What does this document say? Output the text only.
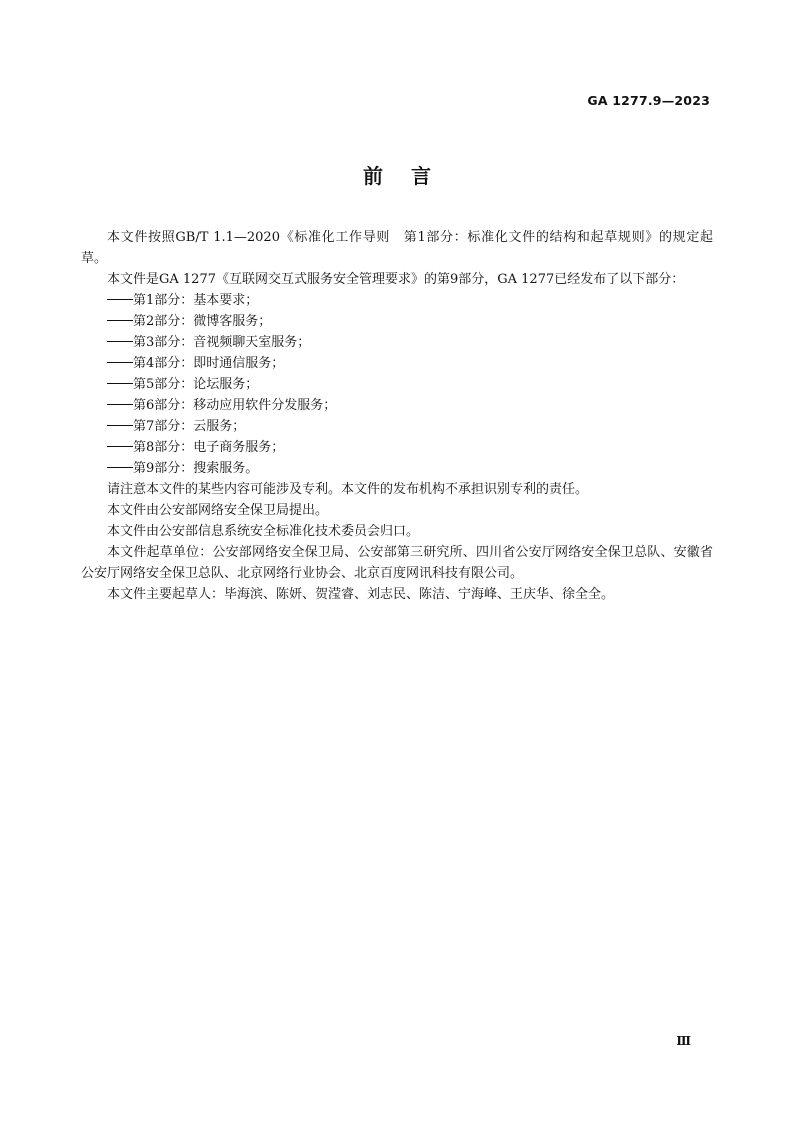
GA 1277.9—2023
前言

本文件按照GB/T 1.1—2020《标准化工作导则　第1部分：标准化文件的结构和起草规则》的规定起草。

本文件是GA 1277《互联网交互式服务安全管理要求》的第9部分，GA 1277已经发布了以下部分：

第1部分：基本要求；

第2部分：微博客服务；

第3部分：音视频聊天室服务；

第4部分：即时通信服务；

第5部分：论坛服务；

第6部分：移动应用软件分发服务；

第7部分：云服务；

第8部分：电子商务服务；

第9部分：搜索服务。

请注意本文件的某些内容可能涉及专利。本文件的发布机构不承担识别专利的责任。

本文件由公安部网络安全保卫局提出。

本文件由公安部信息系统安全标准化技术委员会归口。

本文件起草单位：公安部网络安全保卫局、公安部第三研究所、四川省公安厅网络安全保卫总队、安徽省公安厅网络安全保卫总队、北京网络行业协会、北京百度网讯科技有限公司。

本文件主要起草人：毕海滨、陈妍、贺滢睿、刘志民、陈洁、宁海峰、王庆华、徐全全。

Ⅲ
